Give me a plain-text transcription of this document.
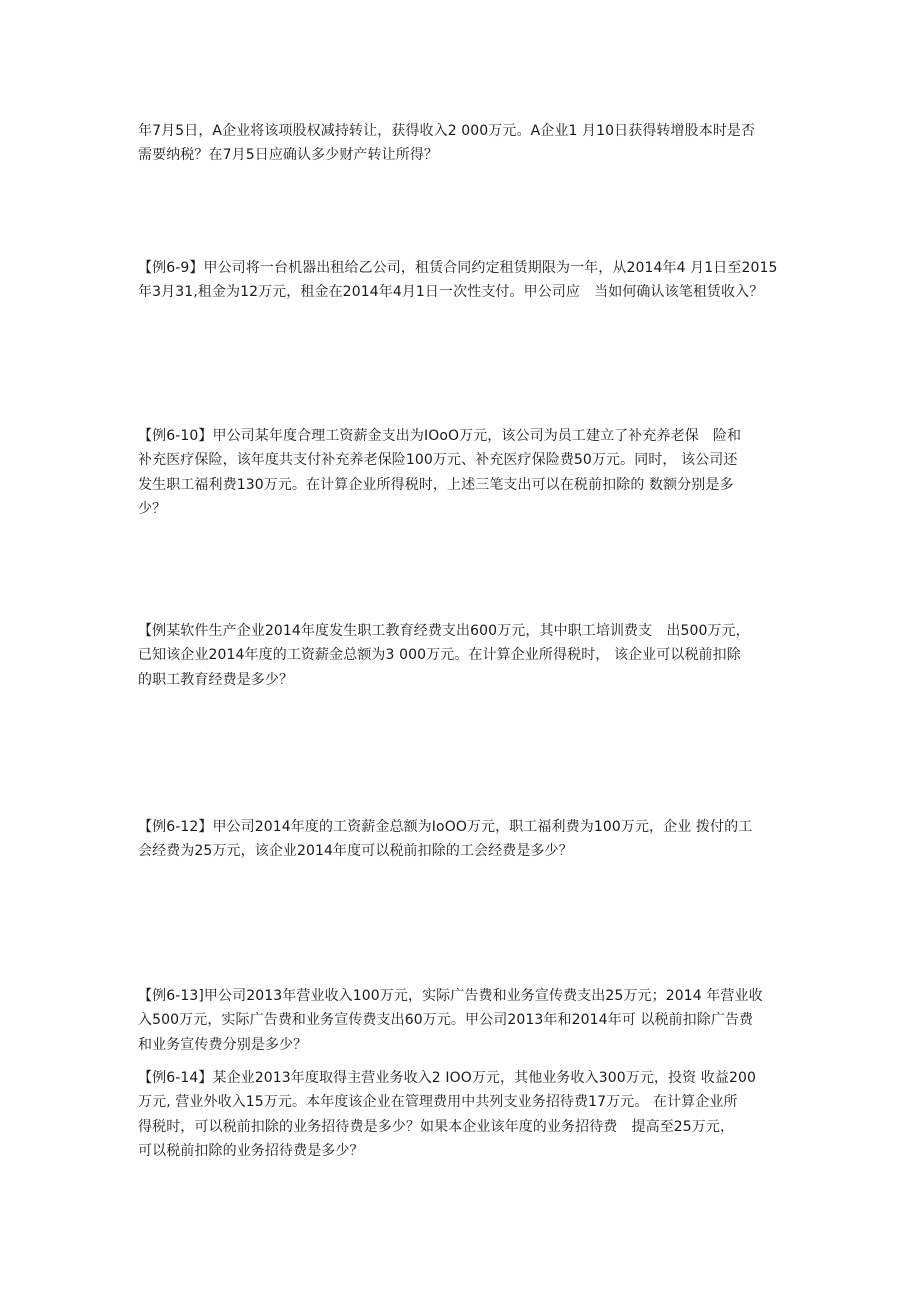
年7月5日，A企业将该项股权减持转让，获得收入2 000万元。A企业1 月10日获得转增股本时是否
需要纳税？在7月5日应确认多少财产转让所得？

【例6-9】甲公司将一台机器出租给乙公司，租赁合同约定租赁期限为一年，从2014年4 月1日至2015
年3月31,租金为12万元，租金在2014年4月1日一次性支付。甲公司应　当如何确认该笔租赁收入？

【例6-10】甲公司某年度合理工资薪金支出为IOoO万元，该公司为员工建立了补充养老保　险和
补充医疗保险，该年度共支付补充养老保险100万元、补充医疗保险费50万元。同时， 该公司还
发生职工福利费130万元。在计算企业所得税时，上述三笔支出可以在税前扣除的 数额分别是多
少？

【例某软件生产企业2014年度发生职工教育经费支出600万元，其中职工培训费支　出500万元，
已知该企业2014年度的工资薪金总额为3 000万元。在计算企业所得税时， 该企业可以税前扣除
的职工教育经费是多少？

【例6-12】甲公司2014年度的工资薪金总额为IoOO万元，职工福利费为100万元，企业 拨付的工
会经费为25万元，该企业2014年度可以税前扣除的工会经费是多少？

【例6-13]甲公司2013年营业收入100万元，实际广告费和业务宣传费支出25万元；2014 年营业收
入500万元，实际广告费和业务宣传费支出60万元。甲公司2013年和2014年可 以税前扣除广告费
和业务宣传费分别是多少？

【例6-14】某企业2013年度取得主营业务收入2 IOO万元，其他业务收入300万元，投资 收益200
万元, 营业外收入15万元。本年度该企业在管理费用中共列支业务招待费17万元。 在计算企业所
得税时，可以税前扣除的业务招待费是多少？如果本企业该年度的业务招待费　提高至25万元，
可以税前扣除的业务招待费是多少？
